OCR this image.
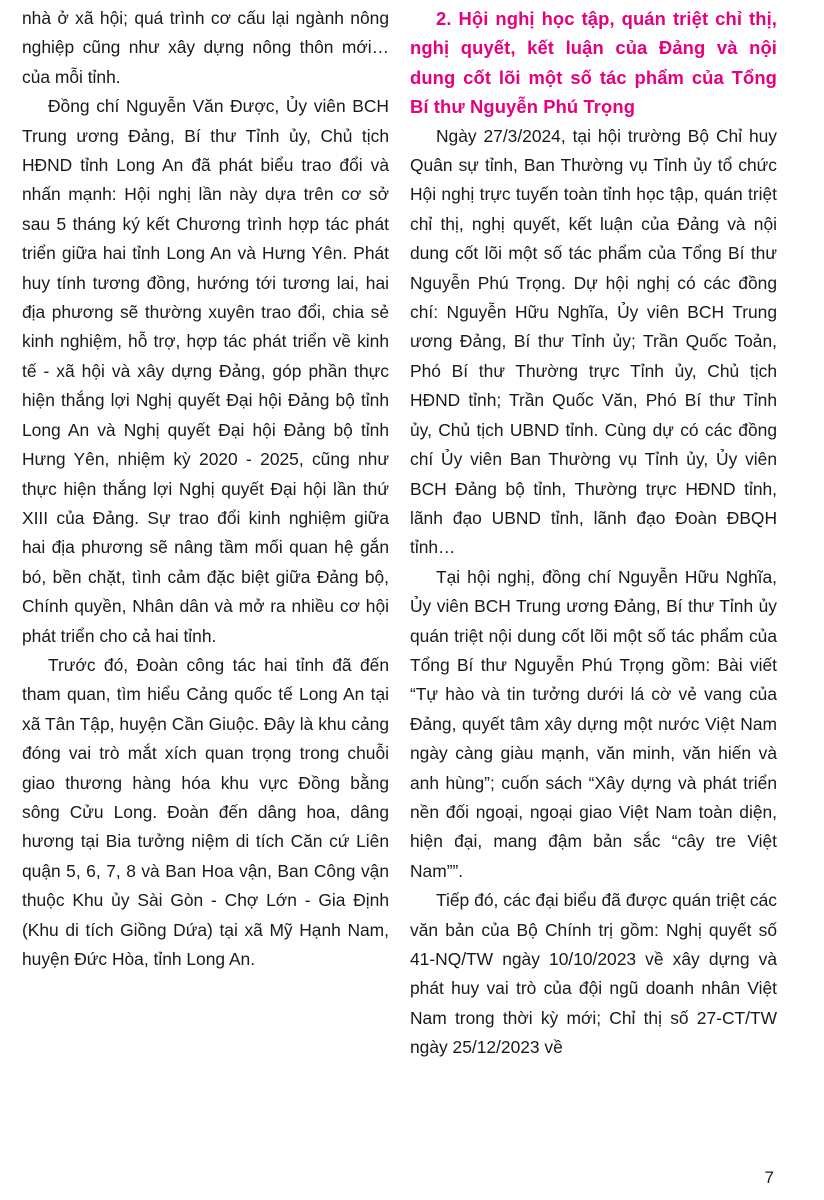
nhà ở xã hội; quá trình cơ cấu lại ngành nông nghiệp cũng như xây dựng nông thôn mới… của mỗi tỉnh.

Đồng chí Nguyễn Văn Được, Ủy viên BCH Trung ương Đảng, Bí thư Tỉnh ủy, Chủ tịch HĐND tỉnh Long An đã phát biểu trao đổi và nhấn mạnh: Hội nghị lần này dựa trên cơ sở sau 5 tháng ký kết Chương trình hợp tác phát triển giữa hai tỉnh Long An và Hưng Yên. Phát huy tính tương đồng, hướng tới tương lai, hai địa phương sẽ thường xuyên trao đổi, chia sẻ kinh nghiệm, hỗ trợ, hợp tác phát triển về kinh tế - xã hội và xây dựng Đảng, góp phần thực hiện thắng lợi Nghị quyết Đại hội Đảng bộ tỉnh Long An và Nghị quyết Đại hội Đảng bộ tỉnh Hưng Yên, nhiệm kỳ 2020 - 2025, cũng như thực hiện thắng lợi Nghị quyết Đại hội lần thứ XIII của Đảng. Sự trao đổi kinh nghiệm giữa hai địa phương sẽ nâng tầm mối quan hệ gắn bó, bền chặt, tình cảm đặc biệt giữa Đảng bộ, Chính quyền, Nhân dân và mở ra nhiều cơ hội phát triển cho cả hai tỉnh.

Trước đó, Đoàn công tác hai tỉnh đã đến tham quan, tìm hiểu Cảng quốc tế Long An tại xã Tân Tập, huyện Cần Giuộc. Đây là khu cảng đóng vai trò mắt xích quan trọng trong chuỗi giao thương hàng hóa khu vực Đồng bằng sông Cửu Long. Đoàn đến dâng hoa, dâng hương tại Bia tưởng niệm di tích Căn cứ Liên quận 5, 6, 7, 8 và Ban Hoa vận, Ban Công vận thuộc Khu ủy Sài Gòn - Chợ Lớn - Gia Định (Khu di tích Giồng Dứa) tại xã Mỹ Hạnh Nam, huyện Đức Hòa, tỉnh Long An.

2. Hội nghị học tập, quán triệt chỉ thị, nghị quyết, kết luận của Đảng và nội dung cốt lõi một số tác phẩm của Tổng Bí thư Nguyễn Phú Trọng

Ngày 27/3/2024, tại hội trường Bộ Chỉ huy Quân sự tỉnh, Ban Thường vụ Tỉnh ủy tổ chức Hội nghị trực tuyến toàn tỉnh học tập, quán triệt chỉ thị, nghị quyết, kết luận của Đảng và nội dung cốt lõi một số tác phẩm của Tổng Bí thư Nguyễn Phú Trọng. Dự hội nghị có các đồng chí: Nguyễn Hữu Nghĩa, Ủy viên BCH Trung ương Đảng, Bí thư Tỉnh ủy; Trần Quốc Toản, Phó Bí thư Thường trực Tỉnh ủy, Chủ tịch HĐND tỉnh; Trần Quốc Văn, Phó Bí thư Tỉnh ủy, Chủ tịch UBND tỉnh. Cùng dự có các đồng chí Ủy viên Ban Thường vụ Tỉnh ủy, Ủy viên BCH Đảng bộ tỉnh, Thường trực HĐND tỉnh, lãnh đạo UBND tỉnh, lãnh đạo Đoàn ĐBQH tỉnh…

Tại hội nghị, đồng chí Nguyễn Hữu Nghĩa, Ủy viên BCH Trung ương Đảng, Bí thư Tỉnh ủy quán triệt nội dung cốt lõi một số tác phẩm của Tổng Bí thư Nguyễn Phú Trọng gồm: Bài viết “Tự hào và tin tưởng dưới lá cờ vẻ vang của Đảng, quyết tâm xây dựng một nước Việt Nam ngày càng giàu mạnh, văn minh, văn hiến và anh hùng”; cuốn sách “Xây dựng và phát triển nền đối ngoại, ngoại giao Việt Nam toàn diện, hiện đại, mang đậm bản sắc “cây tre Việt Nam””.

Tiếp đó, các đại biểu đã được quán triệt các văn bản của Bộ Chính trị gồm: Nghị quyết số 41-NQ/TW ngày 10/10/2023 về xây dựng và phát huy vai trò của đội ngũ doanh nhân Việt Nam trong thời kỳ mới; Chỉ thị số 27-CT/TW ngày 25/12/2023 về

7
